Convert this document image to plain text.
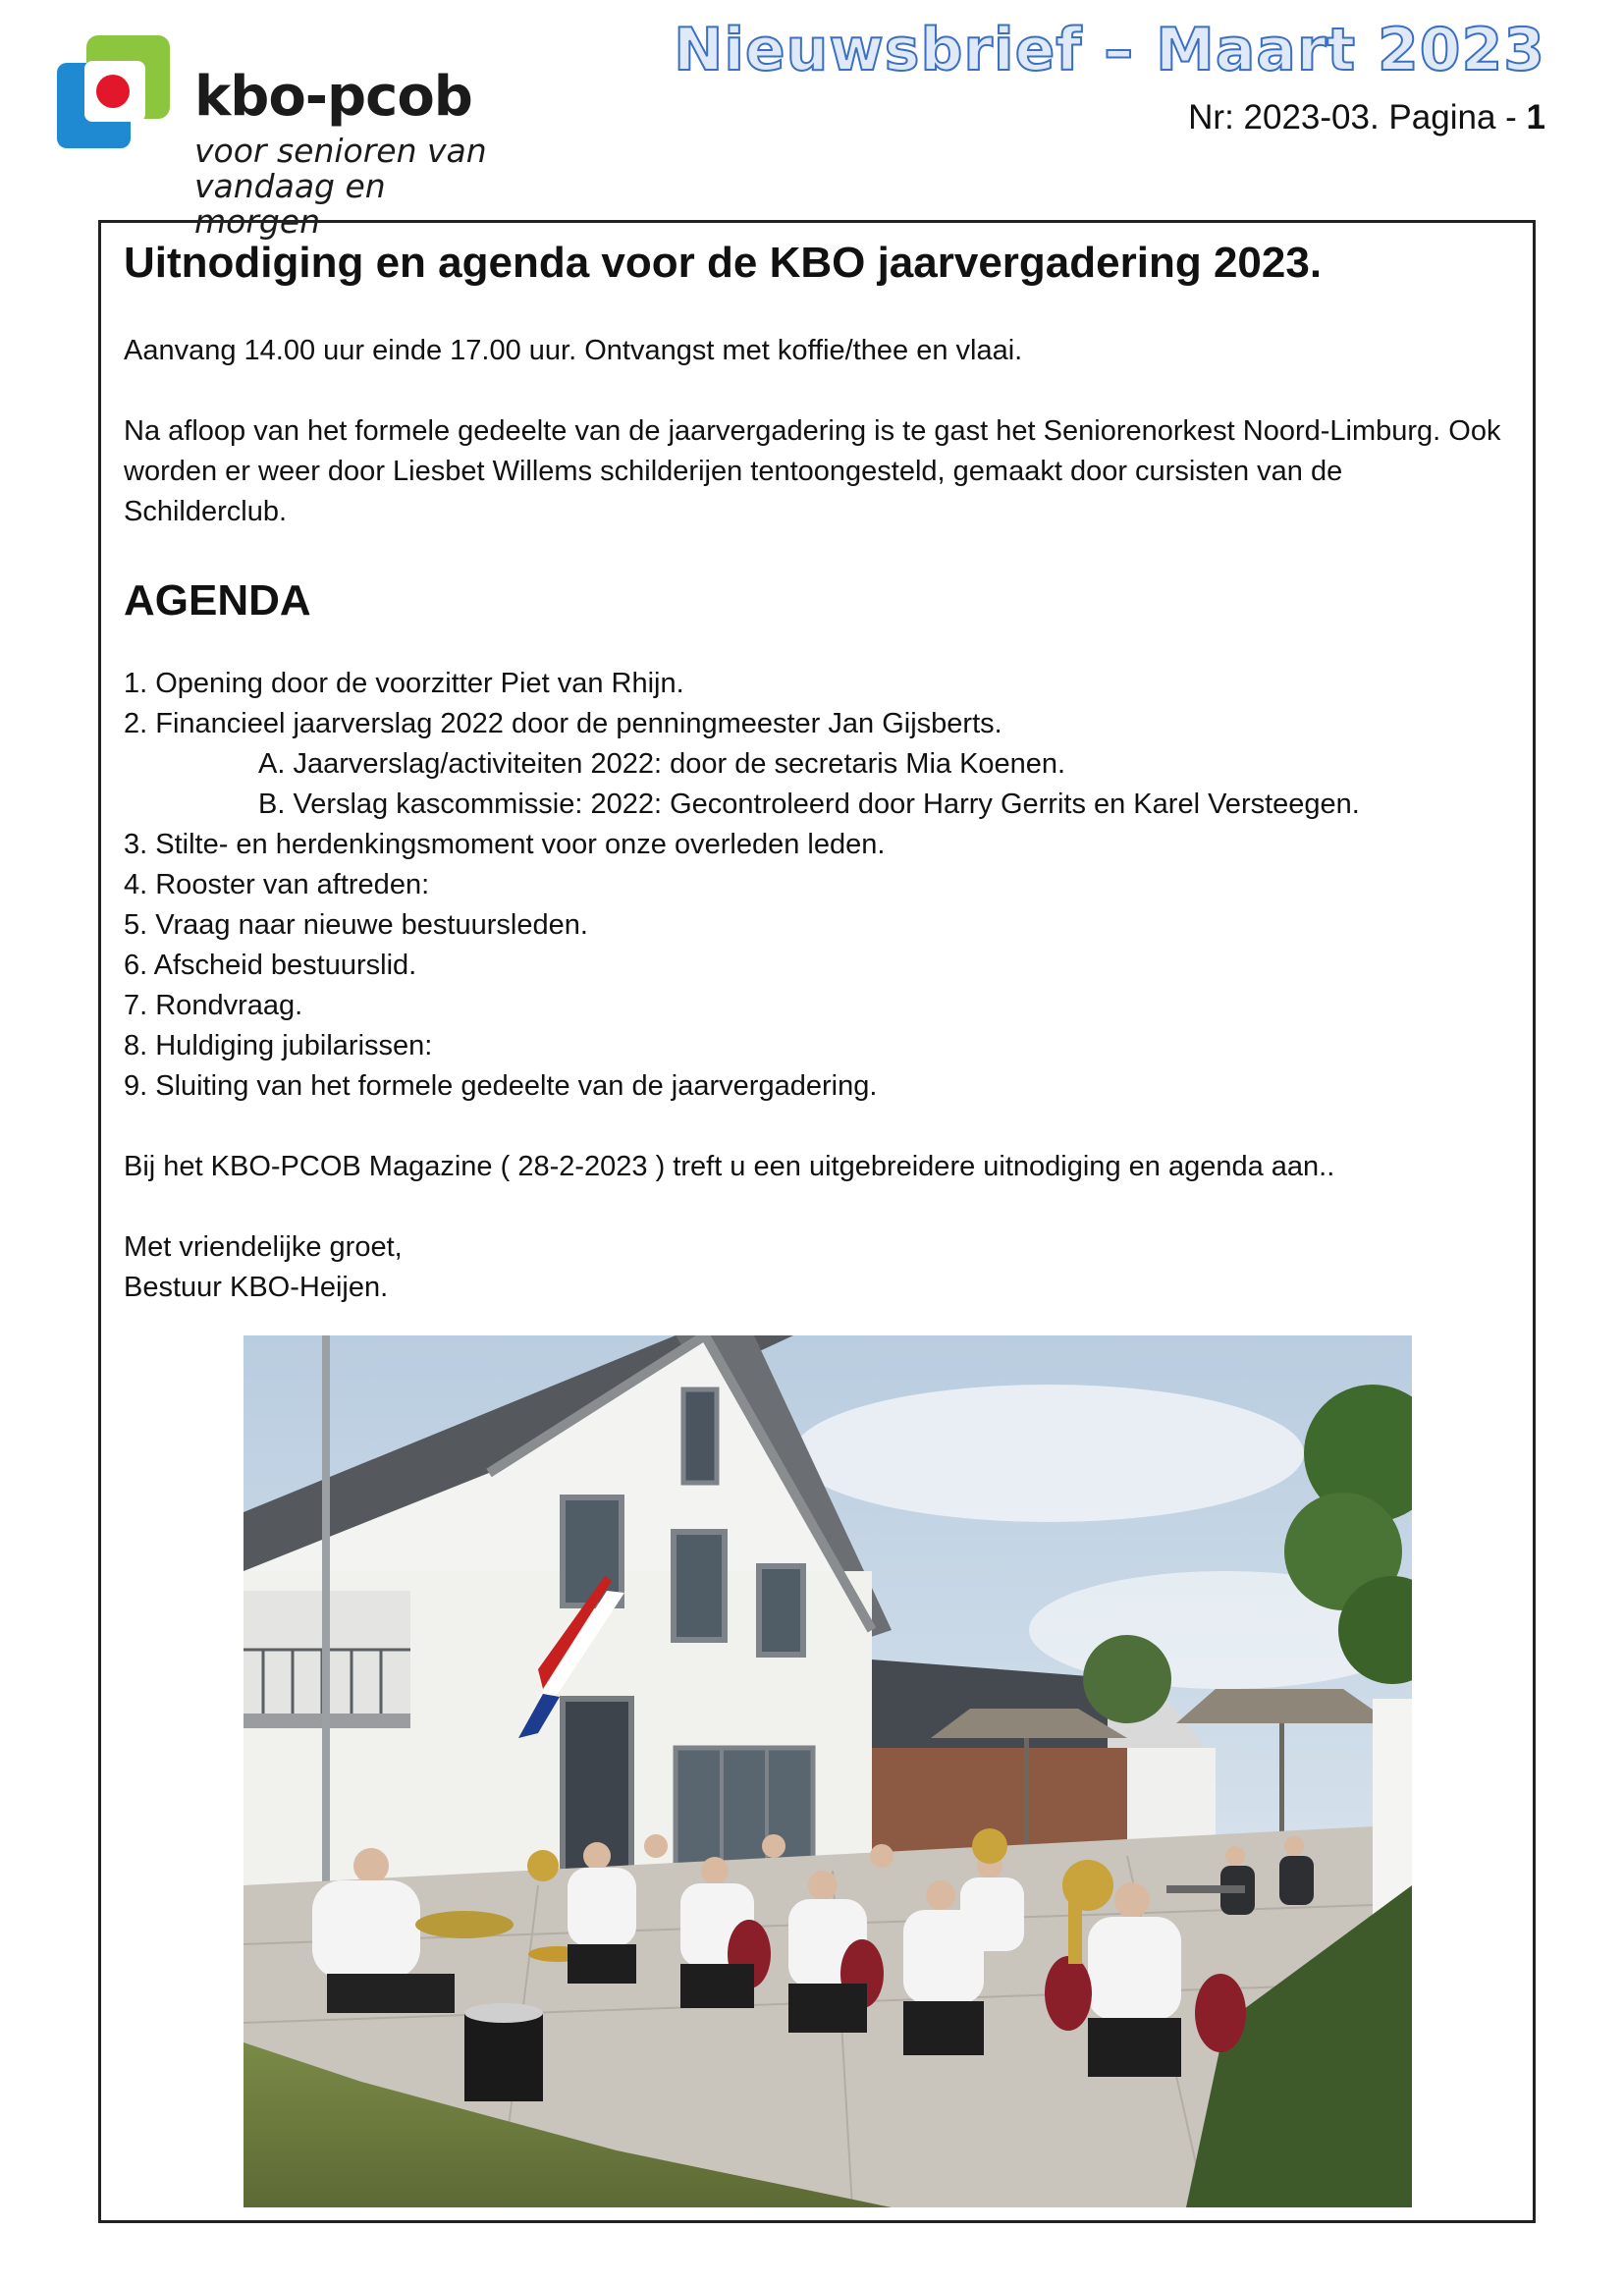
kbo-pcob
voor senioren van
vandaag en morgen
Nieuwsbrief – Maart 2023
Nr: 2023-03. Pagina - 1
Uitnodiging en agenda voor de KBO jaarvergadering 2023.

Aanvang 14.00 uur einde 17.00 uur. Ontvangst met koffie/thee en vlaai.

Na afloop van het formele gedeelte van de jaarvergadering is te gast het Seniorenorkest Noord-Limburg. Ook worden er weer door Liesbet Willems schilderijen tentoongesteld, gemaakt door cursisten van de Schilderclub.

AGENDA
1. Opening door de voorzitter Piet van Rhijn.
2. Financieel jaarverslag 2022 door de penningmeester Jan Gijsberts.
A. Jaarverslag/activiteiten 2022: door de secretaris Mia Koenen.
B. Verslag kascommissie: 2022: Gecontroleerd door Harry Gerrits en Karel Versteegen.
3. Stilte- en herdenkingsmoment voor onze overleden leden.
4. Rooster van aftreden:
5. Vraag naar nieuwe bestuursleden.
6. Afscheid bestuurslid.
7. Rondvraag.
8. Huldiging jubilarissen:
9. Sluiting van het formele gedeelte van de jaarvergadering.

Bij het KBO-PCOB Magazine ( 28-2-2023 ) treft u een uitgebreidere uitnodiging en agenda aan..

Met vriendelijke groet,

Bestuur KBO-Heijen.
